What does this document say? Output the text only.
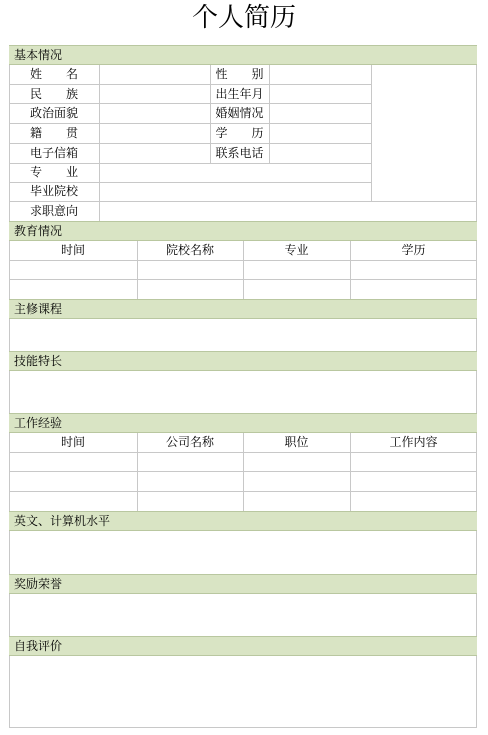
个人简历
基本情况
姓　　名	性　　别
民　　族	出生年月
政治面貌	婚姻情况
籍　　贯	学　　历
电子信箱	联系电话
专　　业
毕业院校
求职意向
教育情况
时间	院校名称	专业	学历
主修课程
技能特长
工作经验
时间	公司名称	职位	工作内容
英文、计算机水平
奖励荣誉
自我评价
